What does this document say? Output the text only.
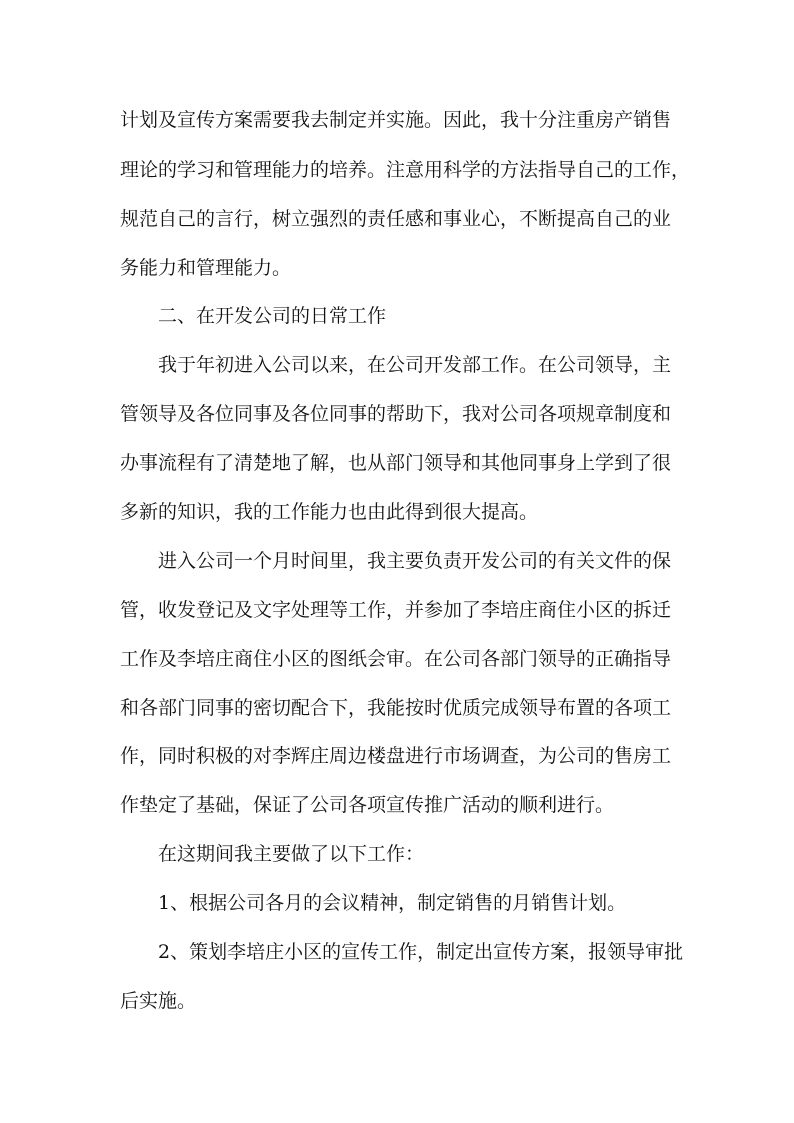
计划及宣传方案需要我去制定并实施。因此，我十分注重房产销售
理论的学习和管理能力的培养。注意用科学的方法指导自己的工作，
规范自己的言行，树立强烈的责任感和事业心，不断提高自己的业
务能力和管理能力。
二、在开发公司的日常工作
我于年初进入公司以来，在公司开发部工作。在公司领导，主
管领导及各位同事及各位同事的帮助下，我对公司各项规章制度和
办事流程有了清楚地了解，也从部门领导和其他同事身上学到了很
多新的知识，我的工作能力也由此得到很大提高。
进入公司一个月时间里，我主要负责开发公司的有关文件的保
管，收发登记及文字处理等工作，并参加了李培庄商住小区的拆迁
工作及李培庄商住小区的图纸会审。在公司各部门领导的正确指导
和各部门同事的密切配合下，我能按时优质完成领导布置的各项工
作，同时积极的对李辉庄周边楼盘进行市场调查，为公司的售房工
作垫定了基础，保证了公司各项宣传推广活动的顺利进行。
在这期间我主要做了以下工作：
1、根据公司各月的会议精神，制定销售的月销售计划。
2、策划李培庄小区的宣传工作，制定出宣传方案，报领导审批
后实施。
